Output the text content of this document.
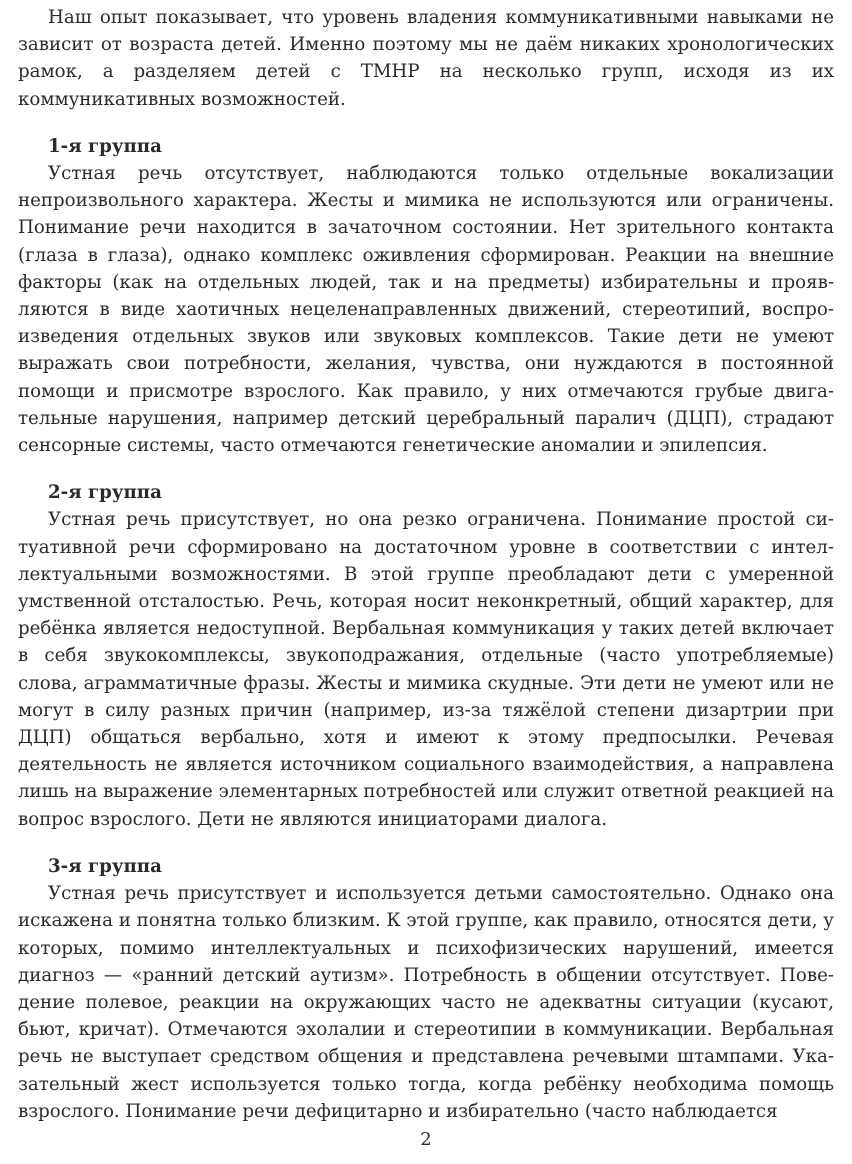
Наш опыт показывает, что уровень владения коммуникативными навыками не зависит от возраста детей. Именно поэтому мы не даём никаких хронологических рамок, а разделяем детей с ТМНР на несколько групп, исходя из их коммуникативных возможностей.

1-я группа

Устная речь отсутствует, наблюдаются только отдельные вокализации непроизвольного характера. Жесты и мимика не используются или ограничены. Понимание речи находится в зачаточном состоянии. Нет зрительного контакта (глаза в глаза), однако комплекс оживления сформирован. Реакции на внешние факторы (как на отдельных людей, так и на предметы) избирательны и проявляются в виде хаотичных нецеленаправленных движений, стереотипий, воспроизведения отдельных звуков или звуковых комплексов. Такие дети не умеют выражать свои потребности, желания, чувства, они нуждаются в постоянной помощи и присмотре взрослого. Как правило, у них отмечаются грубые двигательные нарушения, например детский церебральный паралич (ДЦП), страдают сенсорные системы, часто отмечаются генетические аномалии и эпилепсия.

2-я группа

Устная речь присутствует, но она резко ограничена. Понимание простой ситуативной речи сформировано на достаточном уровне в соответствии с интеллектуальными возможностями. В этой группе преобладают дети с умеренной умственной отсталостью. Речь, которая носит неконкретный, общий характер, для ребёнка является недоступной. Вербальная коммуникация у таких детей включает в себя звукокомплексы, звукоподражания, отдельные (часто употребляемые) слова, аграмматичные фразы. Жесты и мимика скудные. Эти дети не умеют или не могут в силу разных причин (например, из-за тяжёлой степени дизартрии при ДЦП) общаться вербально, хотя и имеют к этому предпосылки. Речевая деятельность не является источником социального взаимодействия, а направлена лишь на выражение элементарных потребностей или служит ответной реакцией на вопрос взрослого. Дети не являются инициаторами диалога.

3-я группа

Устная речь присутствует и используется детьми самостоятельно. Однако она искажена и понятна только близким. К этой группе, как правило, относятся дети, у которых, помимо интеллектуальных и психофизических нарушений, имеется диагноз — «ранний детский аутизм». Потребность в общении отсутствует. Поведение полевое, реакции на окружающих часто не адекватны ситуации (кусают, бьют, кричат). Отмечаются эхолалии и стереотипии в коммуникации. Вербальная речь не выступает средством общения и представлена речевыми штампами. Указательный жест используется только тогда, когда ребёнку необходима помощь взрослого. Понимание речи дефицитарно и избирательно (часто наблюдается

2
